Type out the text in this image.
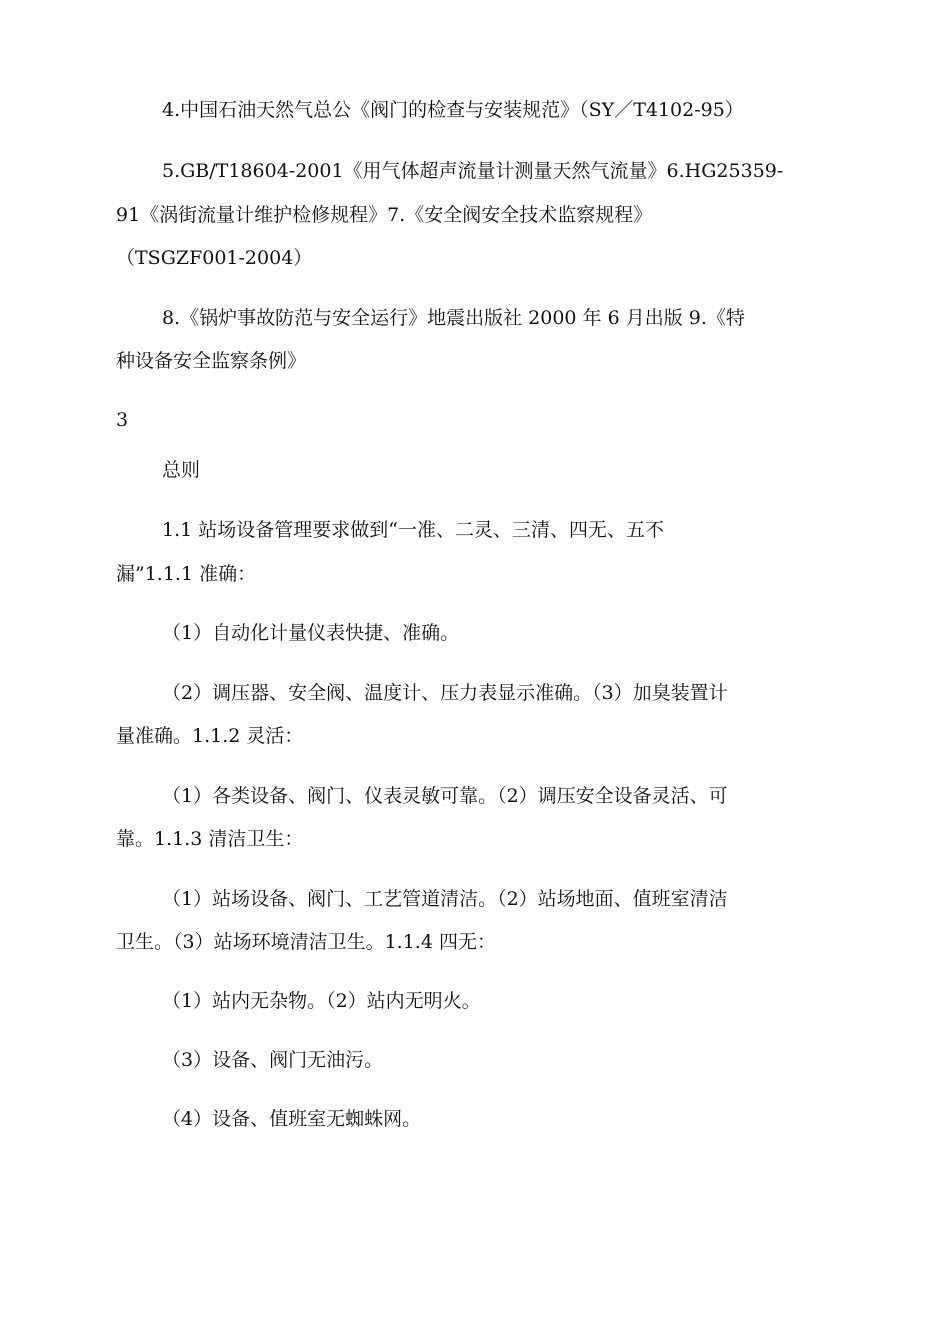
4.中国石油天然气总公《阀门的检查与安装规范》（SY／T4102-95）
5.GB/T18604-2001《用气体超声流量计测量天然气流量》6.HG25359-
91《涡街流量计维护检修规程》7.《安全阀安全技术监察规程》
（TSGZF001-2004）
8.《锅炉事故防范与安全运行》地震出版社 2000 年 6 月出版 9.《特
种设备安全监察条例》
3
总则
1.1 站场设备管理要求做到“一准、二灵、三清、四无、五不
漏”1.1.1 准确：
（1）自动化计量仪表快捷、准确。
（2）调压器、安全阀、温度计、压力表显示准确。（3）加臭装置计
量准确。1.1.2 灵活：
（1）各类设备、阀门、仪表灵敏可靠。（2）调压安全设备灵活、可
靠。1.1.3 清洁卫生：
（1）站场设备、阀门、工艺管道清洁。（2）站场地面、值班室清洁
卫生。（3）站场环境清洁卫生。1.1.4 四无：
（1）站内无杂物。（2）站内无明火。
（3）设备、阀门无油污。
（4）设备、值班室无蜘蛛网。
